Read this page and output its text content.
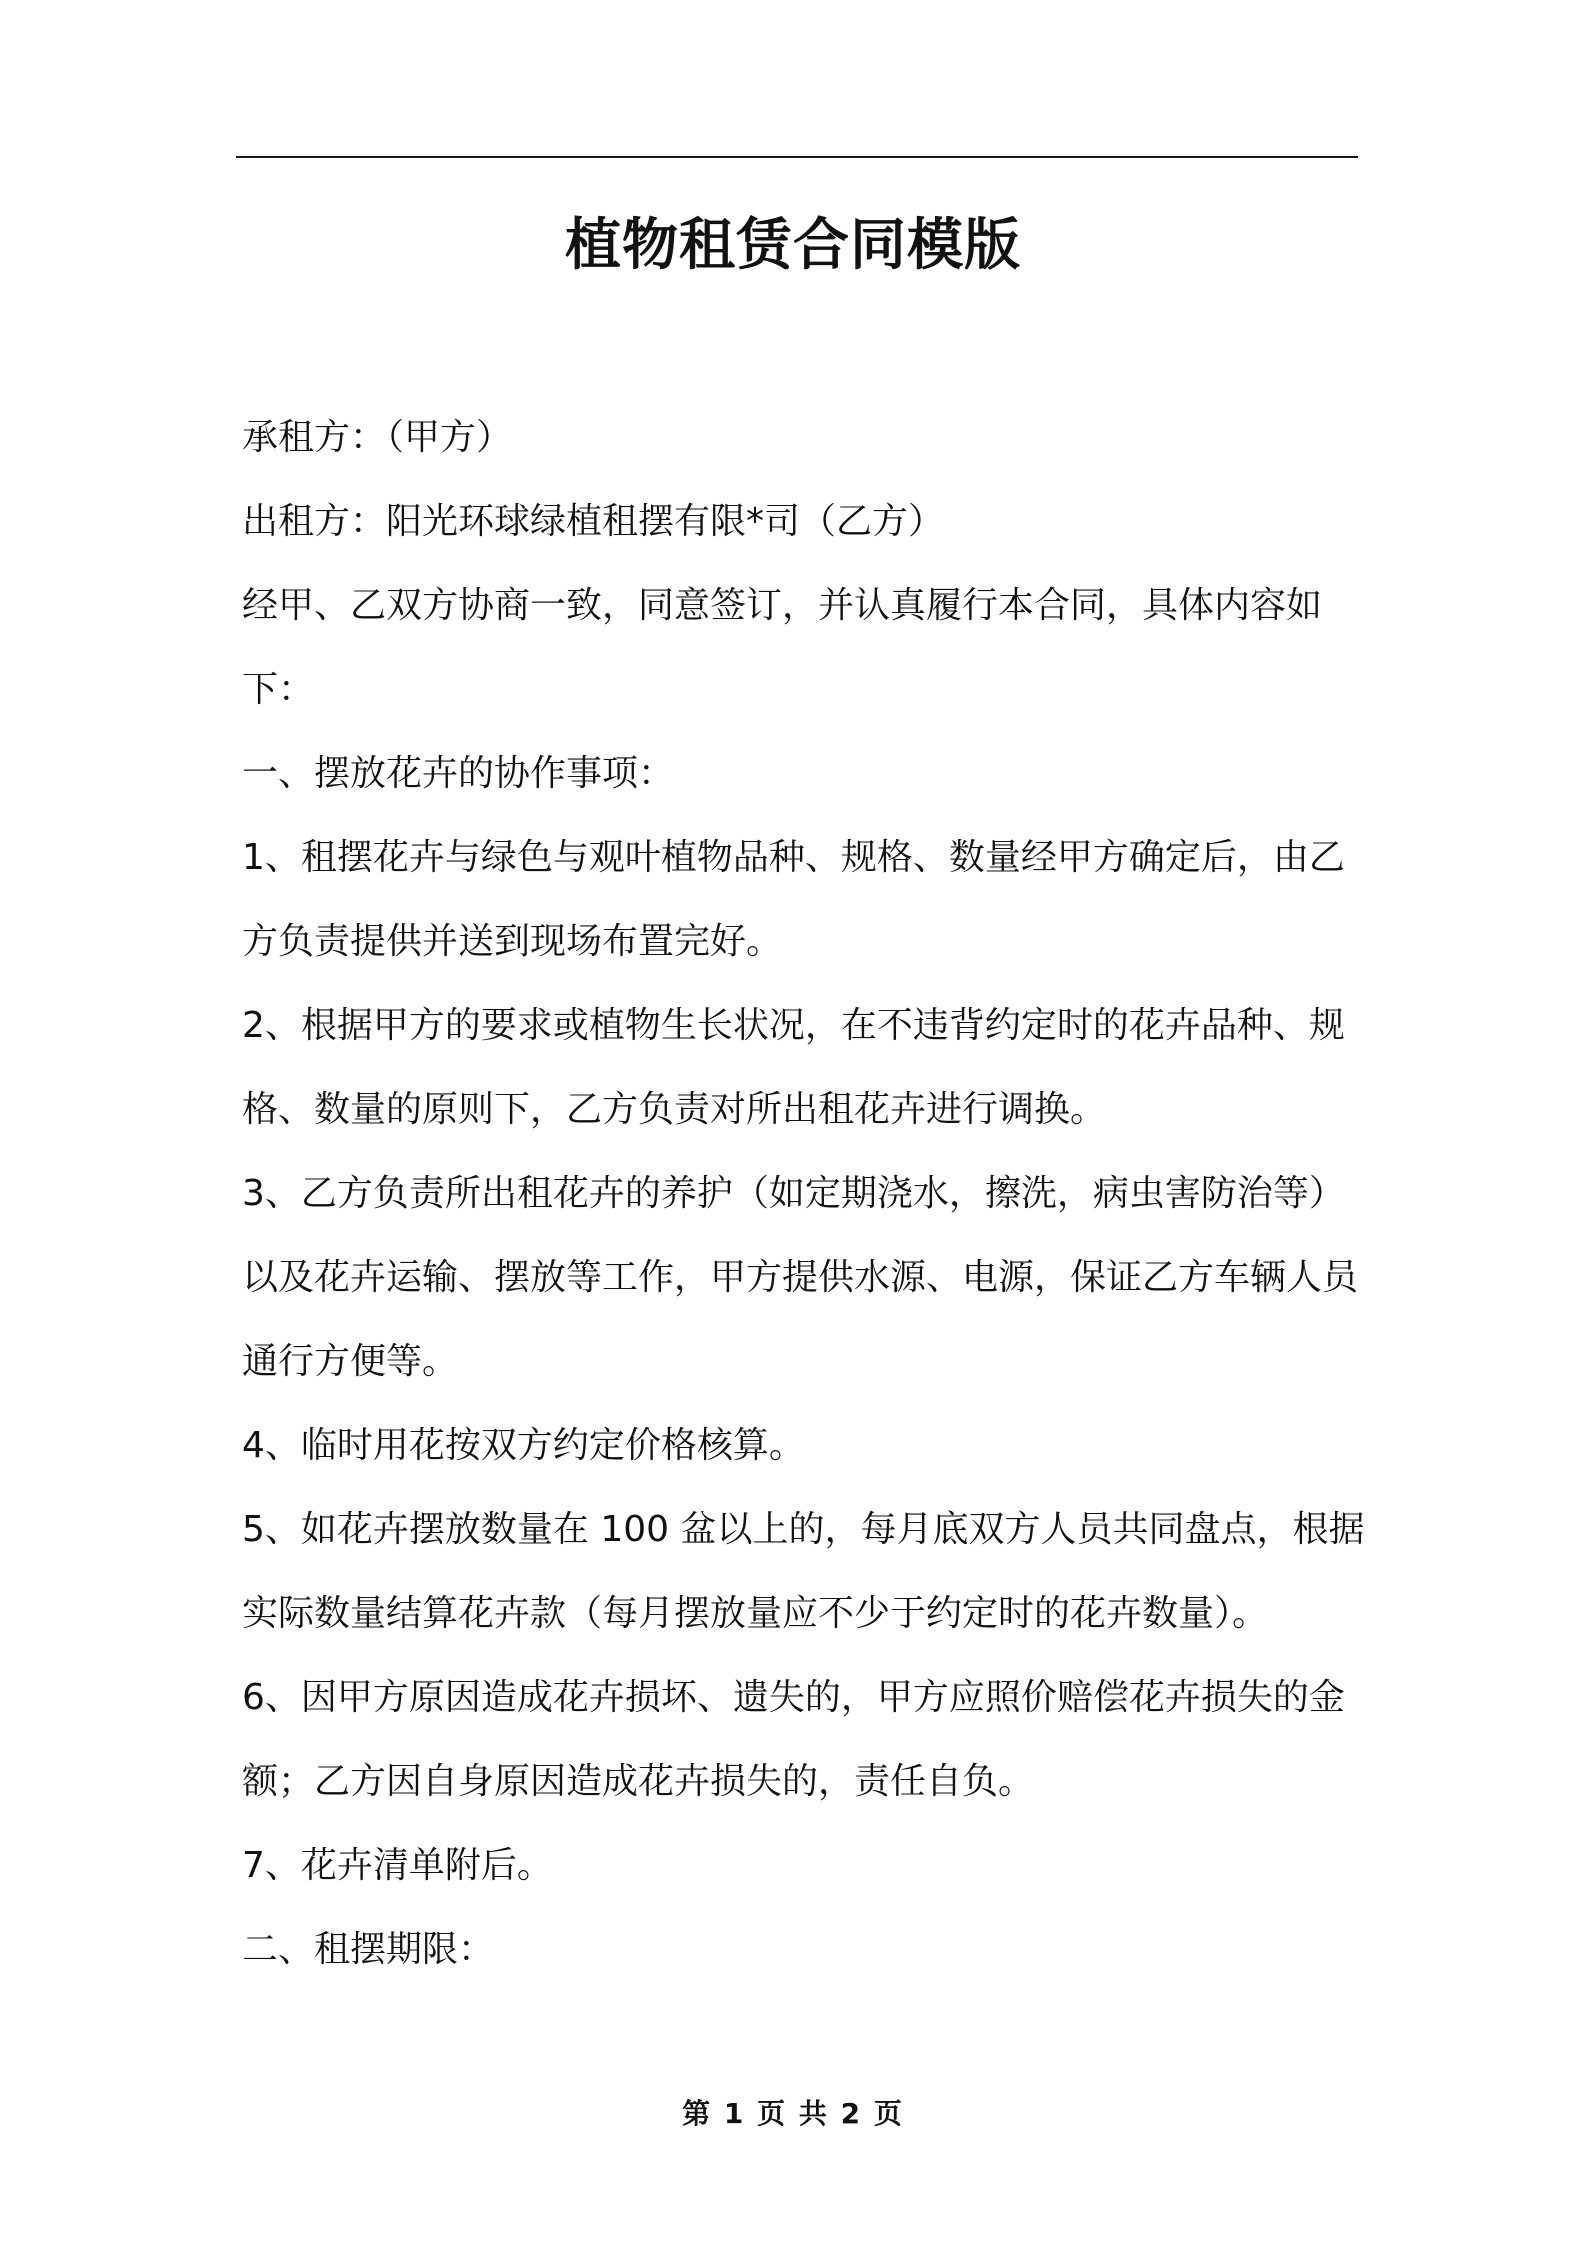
植物租赁合同模版

承租方：（甲方）

出租方：阳光环球绿植租摆有限*司（乙方）

经甲、乙双方协商一致，同意签订，并认真履行本合同，具体内容如下：

一、摆放花卉的协作事项：

1、租摆花卉与绿色与观叶植物品种、规格、数量经甲方确定后，由乙方负责提供并送到现场布置完好。

2、根据甲方的要求或植物生长状况，在不违背约定时的花卉品种、规格、数量的原则下，乙方负责对所出租花卉进行调换。

3、乙方负责所出租花卉的养护（如定期浇水，擦洗，病虫害防治等）以及花卉运输、摆放等工作，甲方提供水源、电源，保证乙方车辆人员通行方便等。

4、临时用花按双方约定价格核算。

5、如花卉摆放数量在 100 盆以上的，每月底双方人员共同盘点，根据实际数量结算花卉款（每月摆放量应不少于约定时的花卉数量）。

6、因甲方原因造成花卉损坏、遗失的，甲方应照价赔偿花卉损失的金额；乙方因自身原因造成花卉损失的，责任自负。

7、花卉清单附后。

二、租摆期限：

第 1 页 共 2 页
